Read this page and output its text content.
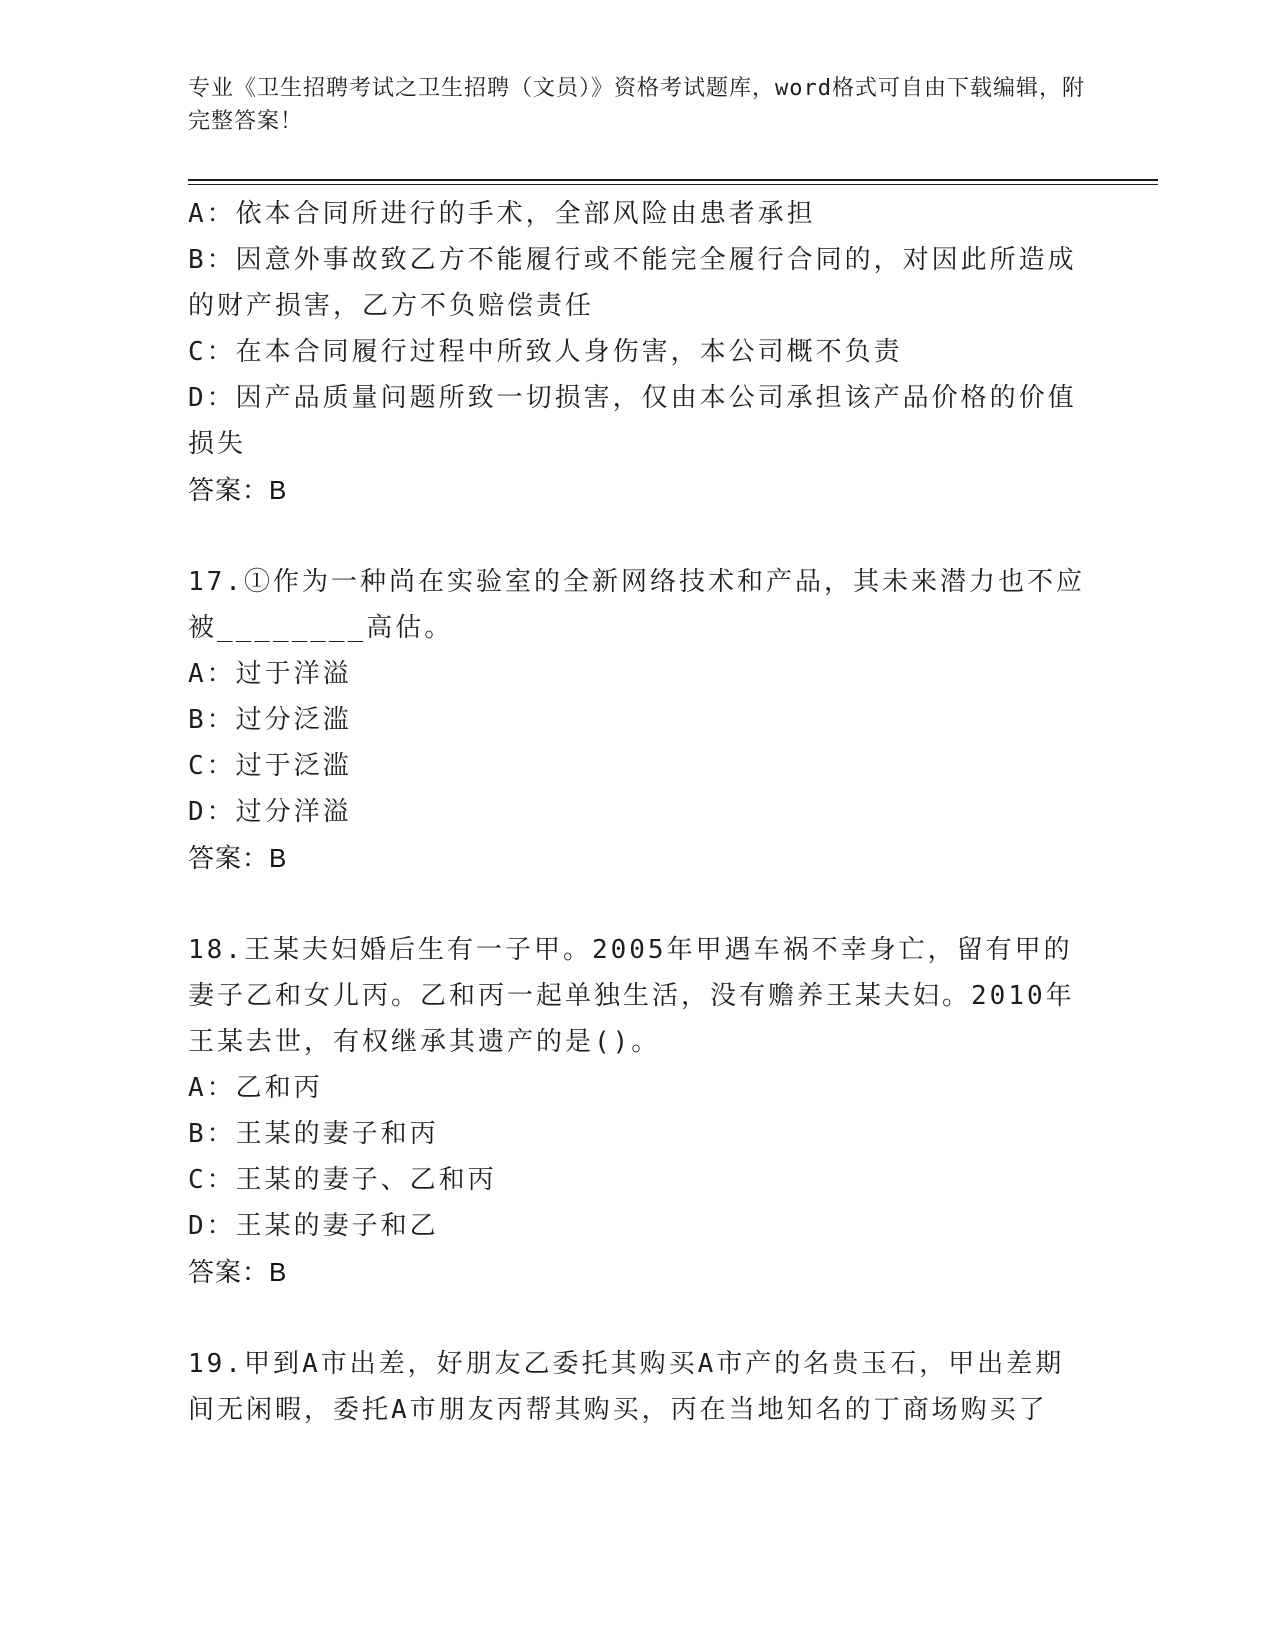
专业《卫生招聘考试之卫生招聘（文员）》资格考试题库，word格式可自由下载编辑，附完整答案！

A：依本合同所进行的手术，全部风险由患者承担

B：因意外事故致乙方不能履行或不能完全履行合同的，对因此所造成的财产损害，乙方不负赔偿责任

C：在本合同履行过程中所致人身伤害，本公司概不负责

D：因产品质量问题所致一切损害，仅由本公司承担该产品价格的价值损失

答案：B

17.①作为一种尚在实验室的全新网络技术和产品，其未来潜力也不应被________高估。

A：过于洋溢

B：过分泛滥

C：过于泛滥

D：过分洋溢

答案：B

18.王某夫妇婚后生有一子甲。2005年甲遇车祸不幸身亡，留有甲的妻子乙和女儿丙。乙和丙一起单独生活，没有赡养王某夫妇。2010年王某去世，有权继承其遗产的是()。

A：乙和丙

B：王某的妻子和丙

C：王某的妻子、乙和丙

D：王某的妻子和乙

答案：B

19.甲到A市出差，好朋友乙委托其购买A市产的名贵玉石，甲出差期间无闲暇，委托A市朋友丙帮其购买，丙在当地知名的丁商场购买了
